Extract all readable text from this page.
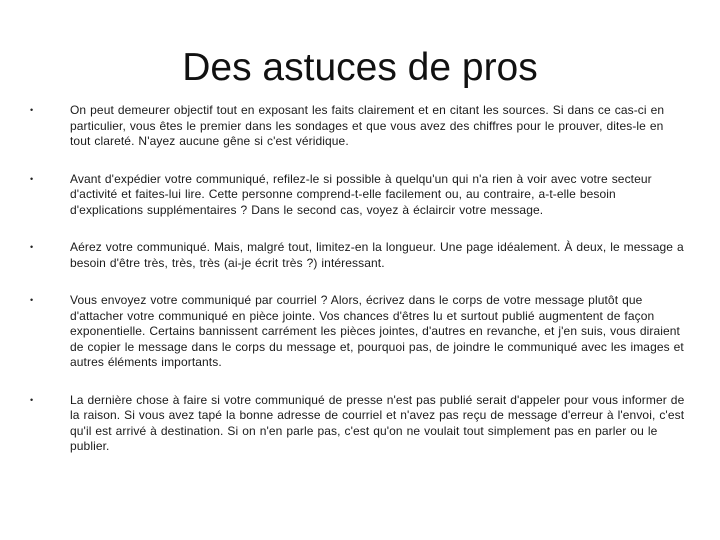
Des astuces de pros
•	On peut demeurer objectif tout en exposant les faits clairement et en citant les sources. Si dans ce cas-ci en particulier, vous êtes le premier dans les sondages et que vous avez des chiffres pour le prouver, dites-le en tout clareté. N'ayez aucune gêne si c'est véridique.
•	Avant d'expédier votre communiqué, refilez-le si possible à quelqu'un qui n'a rien à voir avec votre secteur d'activité et faites-lui lire. Cette personne comprend-t-elle facilement ou, au contraire, a-t-elle besoin d'explications supplémentaires ? Dans le second cas, voyez à éclaircir votre message.
•	Aérez votre communiqué. Mais, malgré tout, limitez-en la longueur. Une page idéalement. À deux, le message a besoin d'être très, très, très (ai-je écrit très ?) intéressant.
•	Vous envoyez votre communiqué par courriel ? Alors, écrivez dans le corps de votre message plutôt que d'attacher votre communiqué en pièce jointe. Vos chances d'êtres lu et surtout publié augmentent de façon exponentielle. Certains bannissent carrément les pièces jointes, d'autres en revanche, et j'en suis, vous diraient de copier le message dans le corps du message et, pourquoi pas, de joindre le communiqué avec les images et autres éléments importants.
•	La dernière chose à faire si votre communiqué de presse n'est pas publié serait d'appeler pour vous informer de la raison. Si vous avez tapé la bonne adresse de courriel et n'avez pas reçu de message d'erreur à l'envoi, c'est qu'il est arrivé à destination. Si on n'en parle pas, c'est qu'on ne voulait tout simplement pas en parler ou le publier.
